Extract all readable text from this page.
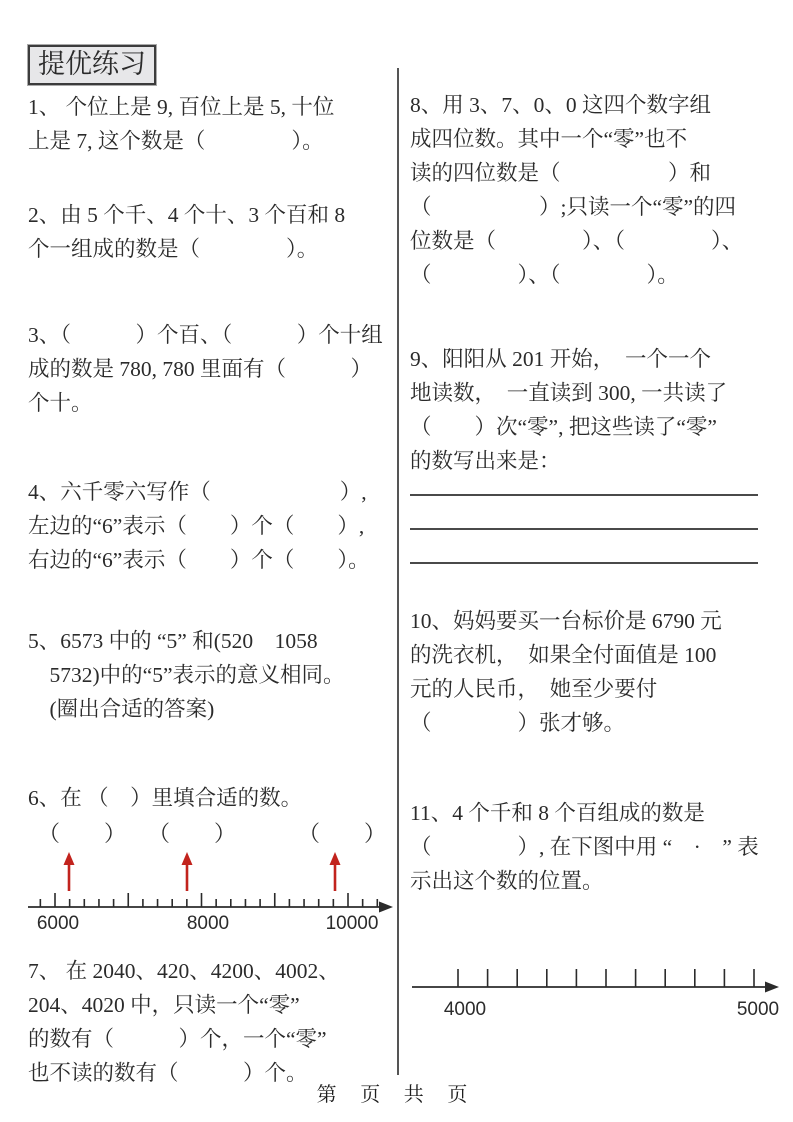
提优练习

1、 个位上是 9, 百位上是 5, 十位

上是 7, 这个数是（　　　　）。

2、由 5 个千、4 个十、3 个百和 8

个一组成的数是（　　　　）。

3、（　　　）个百、（　　　）个十组

成的数是 780, 780 里面有（　　　）

个十。

4、六千零六写作（　　　　　　）,

左边的“6”表示（　　）个（　　）,

右边的“6”表示（　　）个（　　）。

5、6573 中的 “5” 和(520　1058

　5732)中的“5”表示的意义相同。

　(圈出合适的答案)

6、在 （　）里填合适的数。

（　　） （　　）	（　　）
6000	8000	10000

7、 在 2040、420、4200、4002、

204、4020 中，只读一个“零”

的数有（　　　）个，一个“零”

也不读的数有（　　　）个。

8、用 3、7、0、0 这四个数字组

成四位数。其中一个“零”也不

读的四位数是（　　　　　）和

（　　　　　）;只读一个“零”的四

位数是（　　　　）、（　　　　）、

（　　　　）、（　　　　）。

9、阳阳从 201 开始，  一个一个

地读数，  一直读到 300, 一共读了

（　　）次“零”, 把这些读了“零”

的数写出来是：

10、妈妈要买一台标价是 6790 元

的洗衣机，  如果全付面值是 100

元的人民币，  她至少要付

（　　　　）张才够。

11、4 个千和 8 个百组成的数是

（　　　　）, 在下图中用 “　·　” 表

示出这个数的位置。

4000	5000
第 页 共 页
